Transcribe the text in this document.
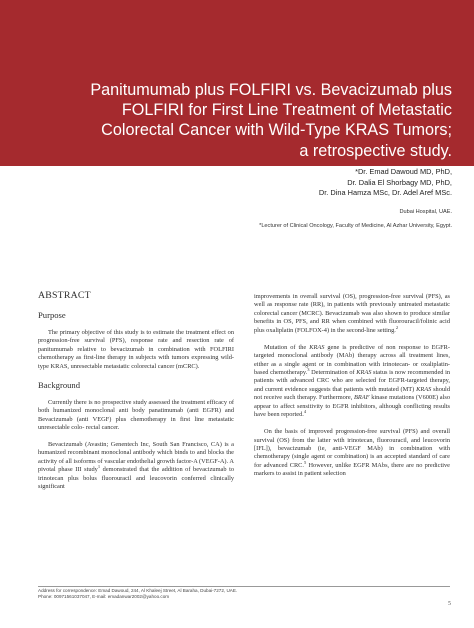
Panitumumab plus FOLFIRI vs. Bevacizumab plus
FOLFIRI for First Line Treatment of Metastatic
Colorectal Cancer with Wild-Type KRAS Tumors;
a retrospective study.
*Dr. Emad Dawoud MD, PhD,
Dr. Dalia El Shorbagy MD, PhD,
Dr. Dina Hamza MSc, Dr. Adel Aref MSc.
Dubai Hospital, UAE.
*Lecturer of Clinical Oncology, Faculty of Medicine, Al Azhar University, Egypt.
ABSTRACT
Purpose

The primary objective of this study is to estimate the treatment effect on progression-free survival (PFS), response rate and resection rate of panitumumab relative to bevacizumab in combination with FOLFIRI chemotherapy as first-line therapy in subjects with tumors expressing wild-type KRAS, unresectable metastatic colorectal cancer (mCRC).

Background

Currently there is no prospective study assessed the treatment efficacy of both humanized monoclonal anti body panatimumab (anti EGFR) and Bevacizumab (anti VEGF) plus chemotherapy in first line metastatic unresectable colo- rectal cancer.

Bevacizumab (Avastin; Genentech Inc, South San Francisco, CA) is a humanized recombinant monoclonal antibody which binds to and blocks the activity of all isoforms of vascular endothelial growth factor-A (VEGF-A). A pivotal phase III study$^1$ demonstrated that the addition of bevacizumab to irinotecan plus bolus fluorouracil and leucovorin conferred clinically significant

improvements in overall survival (OS), progression-free survival (PFS), as well as response rate (RR), in patients with previously untreated metastatic colorectal cancer (MCRC). Bevacizumab was also shown to produce similar benefits in OS, PFS, and RR when combined with fluorouracil/folinic acid plus oxaliplatin (FOLFOX-4) in the second-line setting.$^2$

Mutation of the KRAS gene is predictive of non response to EGFR-targeted monoclonal antibody (MAb) therapy across all treatment lines, either as a single agent or in combination with irinotecan- or oxaliplatin-based chemotherapy.$^3$ Determination of KRAS status is now recommended in patients with advanced CRC who are selected for EGFR-targeted therapy, and current evidence suggests that patients with mutated (MT) KRAS should not receive such therapy. Furthermore, BRAF kinase mutations (V600E) also appear to affect sensitivity to EGFR inhibitors, although conflicting results have been reported.$^4$

On the basis of improved progression-free survival (PFS) and overall survival (OS) from the latter with irinotecan, fluorouracil, and leucovorin [IFL]), bevacizumab (ie, anti-VEGF MAb) in combination with chemotherapy (single agent or combination) is an accepted standard of care for advanced CRC.$^5$ However, unlike EGFR MAbs, there are no predictive markers to assist in patient selection

Address for correspondence: Emad Dawoud, 244, Al Khaleej Street, Al Baraha, Dubai-7272, UAE.
Phone: 00971561037047, E-mail: emadanwar2002@yahoo.com
5
